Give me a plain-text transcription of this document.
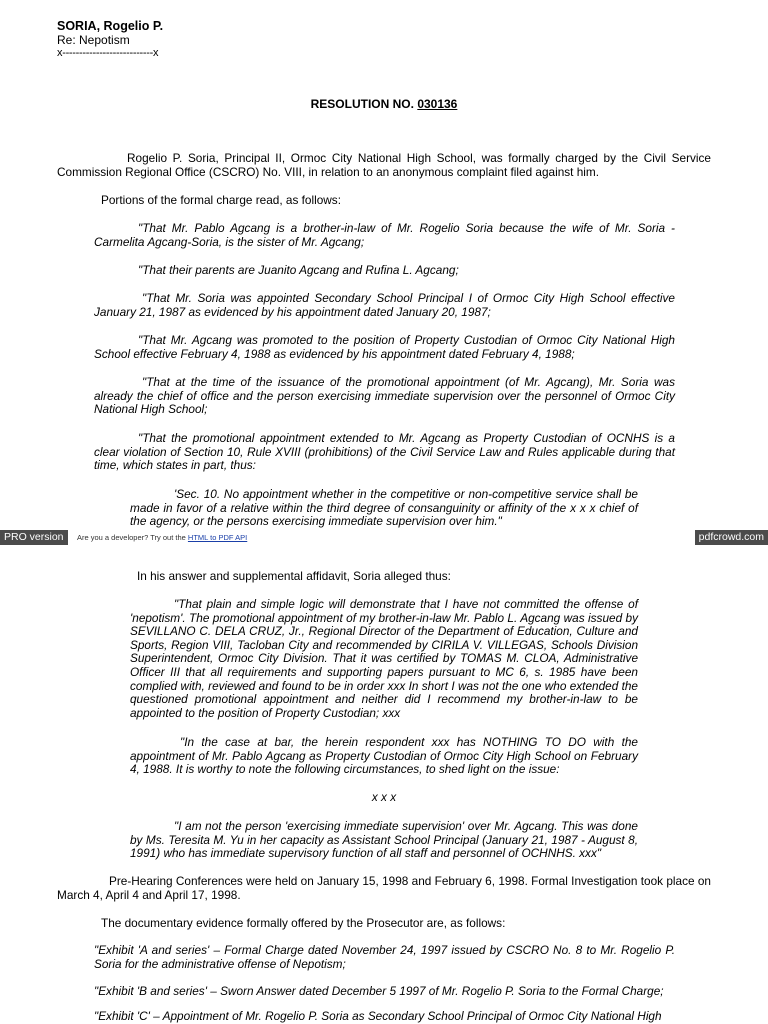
SORIA, Rogelio P.
Re: Nepotism
x---------------------------x
RESOLUTION NO. 030136
Rogelio P. Soria, Principal II, Ormoc City National High School, was formally charged by the Civil Service Commission Regional Office (CSCRO) No. VIII, in relation to an anonymous complaint filed against him.
Portions of the formal charge read, as follows:
"That Mr. Pablo Agcang is a brother-in-law of Mr. Rogelio Soria because the wife of Mr. Soria - Carmelita Agcang-Soria, is the sister of Mr. Agcang;
"That their parents are Juanito Agcang and Rufina L. Agcang;
"That Mr. Soria was appointed Secondary School Principal I of Ormoc City High School effective January 21, 1987 as evidenced by his appointment dated January 20, 1987;
"That Mr. Agcang was promoted to the position of Property Custodian of Ormoc City National High School effective February 4, 1988 as evidenced by his appointment dated February 4, 1988;
"That at the time of the issuance of the promotional appointment (of Mr. Agcang), Mr. Soria was already the chief of office and the person exercising immediate supervision over the personnel of Ormoc City National High School;
"That the promotional appointment extended to Mr. Agcang as Property Custodian of OCNHS is a clear violation of Section 10, Rule XVIII (prohibitions) of the Civil Service Law and Rules applicable during that time, which states in part, thus:
'Sec. 10. No appointment whether in the competitive or non-competitive service shall be made in favor of a relative within the third degree of consanguinity or affinity of the x x x chief of the agency, or the persons exercising immediate supervision over him."
PRO version	Are you a developer? Try out the HTML to PDF API	pdfcrowd.com
In his answer and supplemental affidavit, Soria alleged thus:
"That plain and simple logic will demonstrate that I have not committed the offense of 'nepotism'. The promotional appointment of my brother-in-law Mr. Pablo L. Agcang was issued by SEVILLANO C. DELA CRUZ, Jr., Regional Director of the Department of Education, Culture and Sports, Region VIII, Tacloban City and recommended by CIRILA V. VILLEGAS, Schools Division Superintendent, Ormoc City Division. That it was certified by TOMAS M. CLOA, Administrative Officer III that all requirements and supporting papers pursuant to MC 6, s. 1985 have been complied with, reviewed and found to be in order xxx In short I was not the one who extended the questioned promotional appointment and neither did I recommend my brother-in-law to be appointed to the position of Property Custodian; xxx
"In the case at bar, the herein respondent xxx has NOTHING TO DO with the appointment of Mr. Pablo Agcang as Property Custodian of Ormoc City High School on February 4, 1988. It is worthy to note the following circumstances, to shed light on the issue:
x x x
"I am not the person 'exercising immediate supervision' over Mr. Agcang. This was done by Ms. Teresita M. Yu in her capacity as Assistant School Principal (January 21, 1987 - August 8, 1991) who has immediate supervisory function of all staff and personnel of OCHNHS. xxx"
Pre-Hearing Conferences were held on January 15, 1998 and February 6, 1998. Formal Investigation took place on March 4, April 4 and April 17, 1998.
The documentary evidence formally offered by the Prosecutor are, as follows:
"Exhibit 'A and series' – Formal Charge dated November 24, 1997 issued by CSCRO No. 8 to Mr. Rogelio P. Soria for the administrative offense of Nepotism;
"Exhibit 'B and series' – Sworn Answer dated December 5 1997 of Mr. Rogelio P. Soria to the Formal Charge;
"Exhibit 'C' – Appointment of Mr. Rogelio P. Soria as Secondary School Principal of Ormoc City National High
